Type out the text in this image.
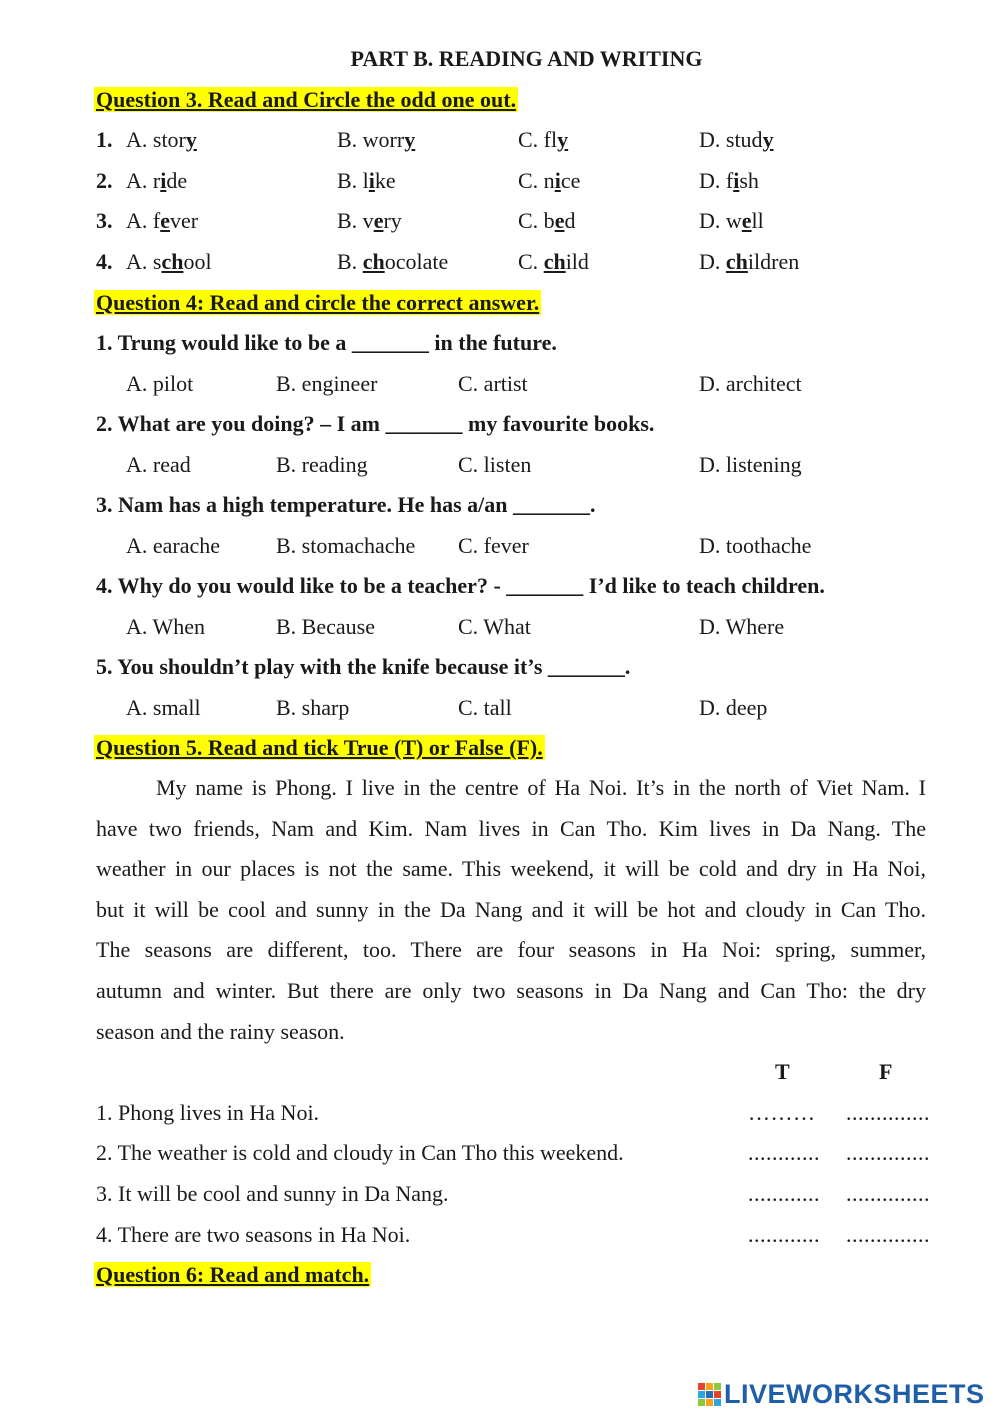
PART B. READING AND WRITING
Question 3. Read and Circle the odd one out.
1. A. story	B. worry	C. fly	D. study
2. A. ride	B. like	C. nice	D. fish
3. A. fever	B. very	C. bed	D. well
4. A. school	B. chocolate	C. child	D. children
Question 4: Read and circle the correct answer.
1. Trung would like to be a _______ in the future.
A. pilot	B. engineer	C. artist	D. architect
2. What are you doing? – I am _______ my favourite books.
A. read	B. reading	C. listen	D. listening
3. Nam has a high temperature. He has a/an _______.
A. earache	B. stomachache C. fever	D. toothache
4. Why do you would like to be a teacher? - _______ I’d like to teach children.
A. When	B. Because	C. What	D. Where
5. You shouldn’t play with the knife because it’s _______.
A. small	B. sharp	C. tall	D. deep
Question 5. Read and tick True (T) or False (F).
My name is Phong. I live in the centre of Ha Noi. It’s in the north of Viet Nam. I
have two friends, Nam and Kim. Nam lives in Can Tho. Kim lives in Da Nang. The
weather in our places is not the same. This weekend, it will be cold and dry in Ha Noi,
but it will be cool and sunny in the Da Nang and it will be hot and cloudy in Can Tho.
The seasons are different, too. There are four seasons in Ha Noi: spring, summer,
autumn and winter. But there are only two seasons in Da Nang and Can Tho: the dry
season and the rainy season.
T	F
1. Phong lives in Ha Noi.	……… ..............
2. The weather is cold and cloudy in Can Tho this weekend.	............ ..............
3. It will be cool and sunny in Da Nang.	............ ..............
4. There are two seasons in Ha Noi.	............ ..............
Question 6: Read and match.
LIVEWORKSHEETS
